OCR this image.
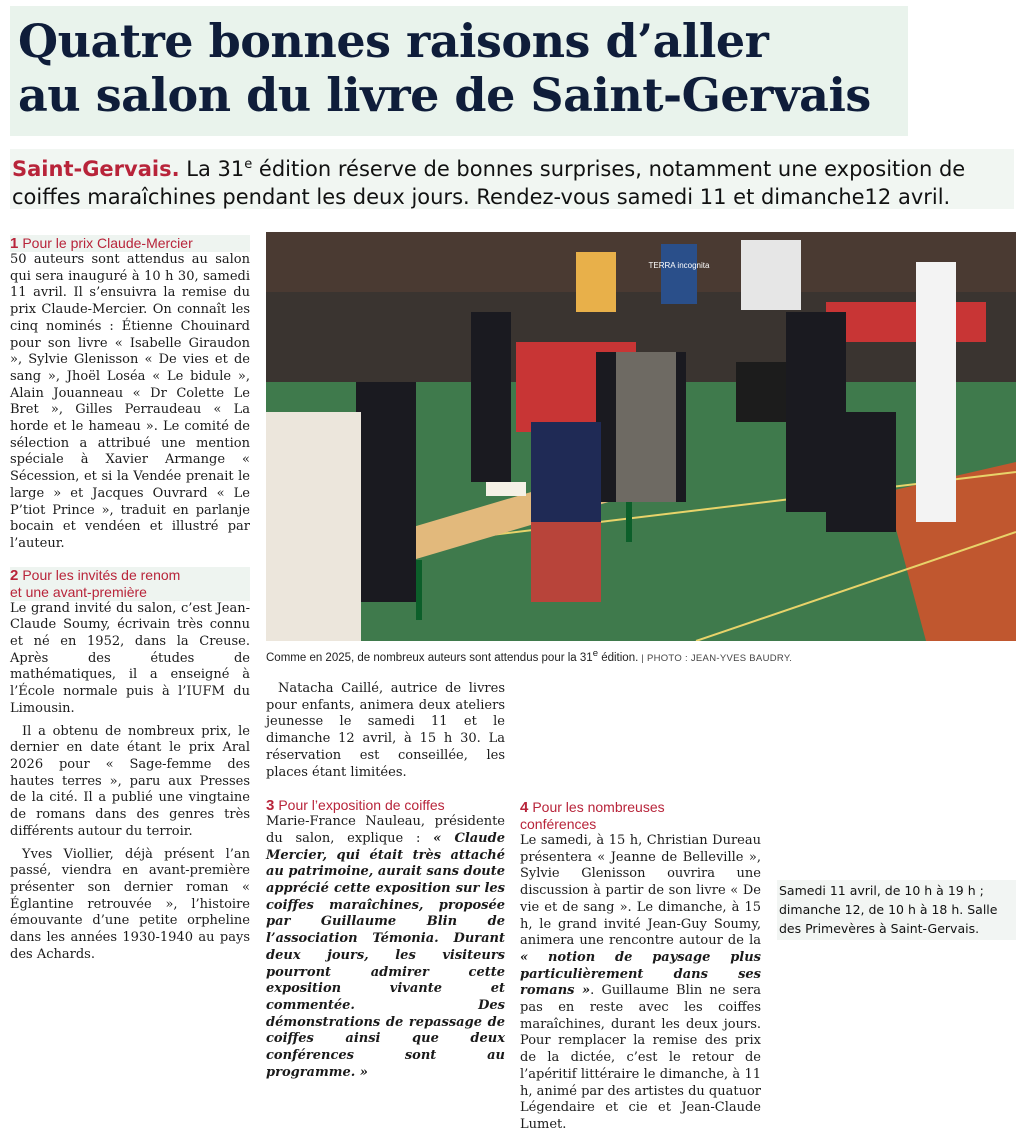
Quatre bonnes raisons d’aller
au salon du livre de Saint-Gervais

Saint-Gervais. La 31e édition réserve de bonnes surprises, notamment une exposition de coiffes maraîchines pendant les deux jours. Rendez-vous samedi 11 et dimanche12 avril.

1 Pour le prix Claude-Mercier

50 auteurs sont attendus au salon qui sera inauguré à 10 h 30, samedi 11 avril. Il s’ensuivra la remise du prix Claude-Mercier. On connaît les cinq nominés : Étienne Chouinard pour son livre « Isabelle Giraudon », Sylvie Glenisson « De vies et de sang », Jhoël Loséa « Le bidule », Alain Jouanneau « Dr Colette Le Bret », Gilles Perraudeau « La horde et le hameau ». Le comité de sélection a attribué une mention spéciale à Xavier Armange « Sécession, et si la Vendée prenait le large » et Jacques Ouvrard « Le P’tiot Prince », traduit en parlanje bocain et vendéen et illustré par l’auteur.

2 Pour les invités de renom
et une avant-première

Le grand invité du salon, c’est Jean-Claude Soumy, écrivain très connu et né en 1952, dans la Creuse. Après des études de mathématiques, il a enseigné à l’École normale puis à l’IUFM du Limousin.

Il a obtenu de nombreux prix, le dernier en date étant le prix Aral 2026 pour « Sage-femme des hautes terres », paru aux Presses de la cité. Il a publié une vingtaine de romans dans des genres très différents autour du terroir.

Yves Viollier, déjà présent l’an passé, viendra en avant-première présenter son dernier roman « Églantine retrouvée », l’histoire émouvante d’une petite orpheline dans les années 1930-1940 au pays des Achards.

TERRA incognita
Comme en 2025, de nombreux auteurs sont attendus pour la 31e édition. | PHOTO : JEAN-YVES BAUDRY.

Natacha Caillé, autrice de livres pour enfants, animera deux ateliers jeunesse le samedi 11 et le dimanche 12 avril, à 15 h 30. La réservation est conseillée, les places étant limitées.

3 Pour l’exposition de coiffes

Marie-France Nauleau, présidente du salon, explique : « Claude Mercier, qui était très attaché au patrimoine, aurait sans doute apprécié cette exposition sur les coiffes maraîchines, proposée par Guillaume Blin de l’association Témonia. Durant deux jours, les visiteurs pourront admirer cette exposition vivante et commentée. Des démonstrations de repassage de coiffes ainsi que deux conférences sont au programme. »

4 Pour les nombreuses
conférences

Le samedi, à 15 h, Christian Dureau présentera « Jeanne de Belleville », Sylvie Glenisson ouvrira une discussion à partir de son livre « De vie et de sang ». Le dimanche, à 15 h, le grand invité Jean-Guy Soumy, animera une rencontre autour de la « notion de paysage plus particulièrement dans ses romans ». Guillaume Blin ne sera pas en reste avec les coiffes maraîchines, durant les deux jours. Pour remplacer la remise des prix de la dictée, c’est le retour de l’apéritif littéraire le dimanche, à 11 h, animé par des artistes du quatuor Légendaire et cie et Jean-Claude Lumet.

Samedi 11 avril, de 10 h à 19 h ; dimanche 12, de 10 h à 18 h. Salle des Primevères à Saint-Gervais.
